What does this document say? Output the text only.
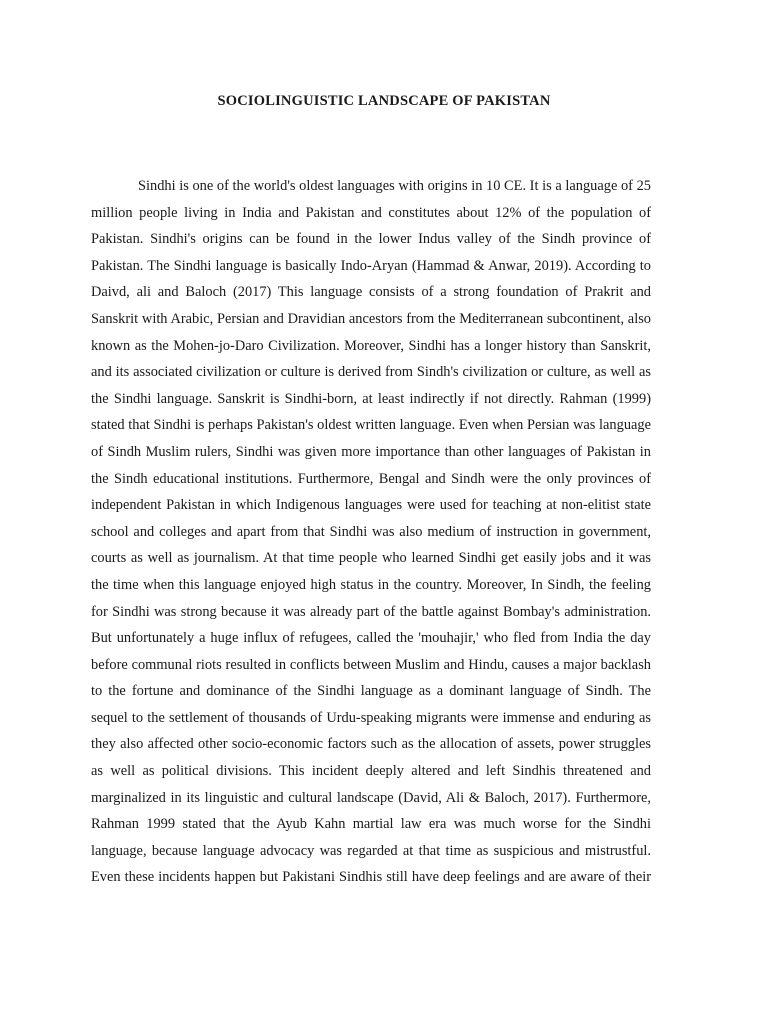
SOCIOLINGUISTIC LANDSCAPE OF PAKISTAN
Sindhi is one of the world's oldest languages with origins in 10 CE. It is a language of 25
million people living in India and Pakistan and constitutes about 12% of the population of
Pakistan. Sindhi's origins can be found in the lower Indus valley of the Sindh province of
Pakistan. The Sindhi language is basically Indo-Aryan (Hammad & Anwar, 2019). According to
Daivd, ali and Baloch (2017) This language consists of a strong foundation of Prakrit and
Sanskrit with Arabic, Persian and Dravidian ancestors from the Mediterranean subcontinent, also
known as the Mohen-jo-Daro Civilization. Moreover, Sindhi has a longer history than Sanskrit,
and its associated civilization or culture is derived from Sindh's civilization or culture, as well as
the Sindhi language. Sanskrit is Sindhi-born, at least indirectly if not directly. Rahman (1999)
stated that Sindhi is perhaps Pakistan's oldest written language. Even when Persian was language
of Sindh Muslim rulers, Sindhi was given more importance than other languages of Pakistan in
the Sindh educational institutions. Furthermore, Bengal and Sindh were the only provinces of
independent Pakistan in which Indigenous languages were used for teaching at non-elitist state
school and colleges and apart from that Sindhi was also medium of instruction in government,
courts as well as journalism. At that time people who learned Sindhi get easily jobs and it was
the time when this language enjoyed high status in the country. Moreover, In Sindh, the feeling
for Sindhi was strong because it was already part of the battle against Bombay's administration.
But unfortunately a huge influx of refugees, called the 'mouhajir,' who fled from India the day
before communal riots resulted in conflicts between Muslim and Hindu, causes a major backlash
to the fortune and dominance of the Sindhi language as a dominant language of Sindh. The
sequel to the settlement of thousands of Urdu-speaking migrants were immense and enduring as
they also affected other socio-economic factors such as the allocation of assets, power struggles
as well as political divisions. This incident deeply altered and left Sindhis threatened and
marginalized in its linguistic and cultural landscape (David, Ali & Baloch, 2017). Furthermore,
Rahman 1999 stated that the Ayub Kahn martial law era was much worse for the Sindhi
language, because language advocacy was regarded at that time as suspicious and mistrustful.
Even these incidents happen but Pakistani Sindhis still have deep feelings and are aware of their
